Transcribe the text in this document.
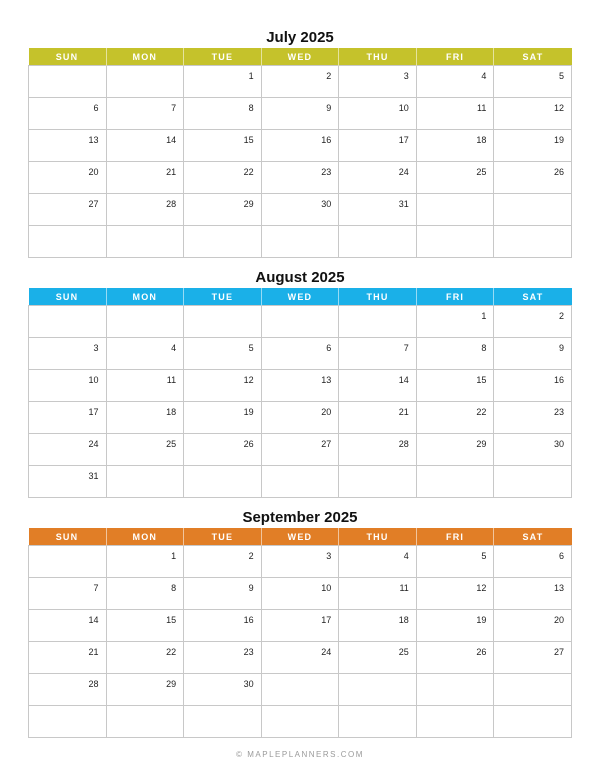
July 2025
SUN	MON	TUE	WED	THU	FRI	SAT
		1	2	3	4	5
6	7	8	9	10	11	12
13	14	15	16	17	18	19
20	21	22	23	24	25	26
27	28	29	30	31		

August 2025
SUN	MON	TUE	WED	THU	FRI	SAT
					1	2
3	4	5	6	7	8	9
10	11	12	13	14	15	16
17	18	19	20	21	22	23
24	25	26	27	28	29	30
31						
September 2025
SUN	MON	TUE	WED	THU	FRI	SAT
	1	2	3	4	5	6
7	8	9	10	11	12	13
14	15	16	17	18	19	20
21	22	23	24	25	26	27
28	29	30				

© MAPLEPLANNERS.COM
